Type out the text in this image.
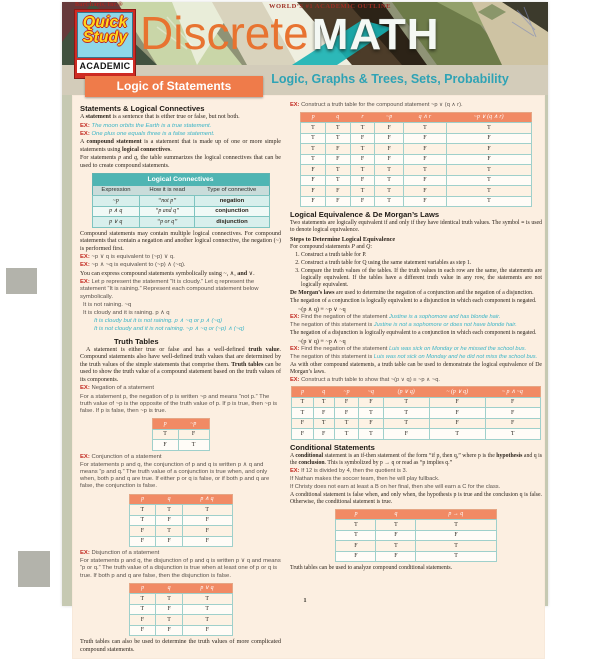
BarCharts, Inc.®	WORLD’S #1 ACADEMIC OUTLINE
Quick
Study
ACADEMIC
Discrete MATH
Logic, Graphs & Trees, Sets, Probability
Logic of Statements
Statements & Logical Connectives
A statement is a sentence that is either true or false, but not both.
EX: The moon orbits the Earth is a true statement.
EX: One plus one equals three is a false statement.
A compound statement is a statement that is made up of one or more simple statements using logical connectives.
For statements p and q, the table summarizes the logical connectives that can be used to create compound statements.
Logical Connectives		
Expression	How it is read	Type of connective
~p	“not p”	negation
p ∧ q	“p and q”	conjunction
p ∨ q	“p or q”	disjunction
Compound statements may contain multiple logical connectives. For compound statements that contain a negation and another logical connective, the negation (~) is performed first.
EX: ~p ∨ q is equivalent to (~p) ∨ q.
EX: ~p ∧ ~q is equivalent to (~p) ∧ (~q).
You can express compound statements symbolically using ~, ∧, and ∨.
EX: Let p represent the statement “It is cloudy.” Let q represent the statement “It is raining.” Represent each compound statement below symbolically.
It is not raining. ~q
It is cloudy and it is raining. p ∧ q
It is cloudy but it is not raining. p ∧ ~q or p ∧ (~q)
It is not cloudy and it is not raining. ~p ∧ ~q or (~p) ∧ (~q)
Truth Tables
A statement is either true or false and has a well-defined truth value. Compound statements also have well-defined truth values that are determined by the truth values of the simple statements that comprise them. Truth tables can be used to show the truth value of a compound statement based on the truth values of its components.
EX: Negation of a statement
For a statement p, the negation of p is written ~p and means “not p.” The truth value of ~p is the opposite of the truth value of p. If p is true, then ~p is false. If p is false, then ~p is true.
p	~p
T	F
F	T
EX: Conjunction of a statement
For statements p and q, the conjunction of p and q is written p ∧ q and means “p and q.” The truth value of a conjunction is true when, and only when, both p and q are true. If either p or q is false, or if both p and q are false, the conjunction is false.
p	q	p ∧ q
T	T	T
T	F	F
F	T	F
F	F	F
EX: Disjunction of a statement
For statements p and q, the disjunction of p and q is written p ∨ q and means “p or q.” The truth value of a disjunction is true when at least one of p or q is true. If both p and q are false, then the disjunction is false.
p	q	p ∨ q
T	T	T
T	F	T
F	T	T
F	F	F
Truth tables can also be used to determine the truth values of more complicated compound statements.
EX: Construct a truth table for the compound statement ~p ∨ (q ∧ r).
p	q	r	~p	q ∧ r	~p ∨ (q ∧ r)
T	T	T	F	T	T
T	T	F	F	F	F
T	F	T	F	F	F
T	F	F	F	F	F
F	T	T	T	T	T
F	T	F	T	F	T
F	F	T	T	F	T
F	F	F	T	F	T
Logical Equivalence & De Morgan’s Laws
Two statements are logically equivalent if and only if they have identical truth values. The symbol ≡ is used to denote logical equivalence.
Steps to Determine Logical Equivalence
For compound statements P and Q:
1. Construct a truth table for P.
2. Construct a truth table for Q using the same statement variables as step 1.
3. Compare the truth values of the tables. If the truth values in each row are the same, the statements are logically equivalent. If the tables have a different truth value in any row, the statements are not logically equivalent.
De Morgan’s laws are used to determine the negation of a conjunction and the negation of a disjunction.
The negation of a conjunction is logically equivalent to a disjunction in which each component is negated.
~(p ∧ q) ≡ ~p ∨ ~q
EX: Find the negation of the statement Justine is a sophomore and has blonde hair.
The negation of this statement is Justine is not a sophomore or does not have blonde hair.
The negation of a disjunction is logically equivalent to a conjunction in which each component is negated.
~(p ∨ q) ≡ ~p ∧ ~q
EX: Find the negation of the statement Luis was sick on Monday or he missed the school bus.
The negation of this statement is Luis was not sick on Monday and he did not miss the school bus.
As with other compound statements, a truth table can be used to demonstrate the logical equivalence of De Morgan’s laws.
EX: Construct a truth table to show that ~(p ∨ q) ≡ ~p ∧ ~q.
p	q	~p	~q	(p ∨ q)	~ (p ∨ q)	~ p ∧ ~q
T	T	F	F	T	F	F
T	F	F	T	T	F	F
F	T	T	F	T	F	F
F	F	T	T	F	T	T
Conditional Statements
A conditional statement is an if-then statement of the form “if p, then q,” where p is the hypothesis and q is the conclusion. This is symbolized by p → q or read as “p implies q.”
EX: If 12 is divided by 4, then the quotient is 3.
If Nathan makes the soccer team, then he will play fullback.
If Christy does not earn at least a B on her final, then she will earn a C for the class.
A conditional statement is false when, and only when, the hypothesis p is true and the conclusion q is false. Otherwise, the conditional statement is true.
p	q	p → q
T	T	T
T	F	F
F	T	T
F	F	T
Truth tables can be used to analyze compound conditional statements.
1
